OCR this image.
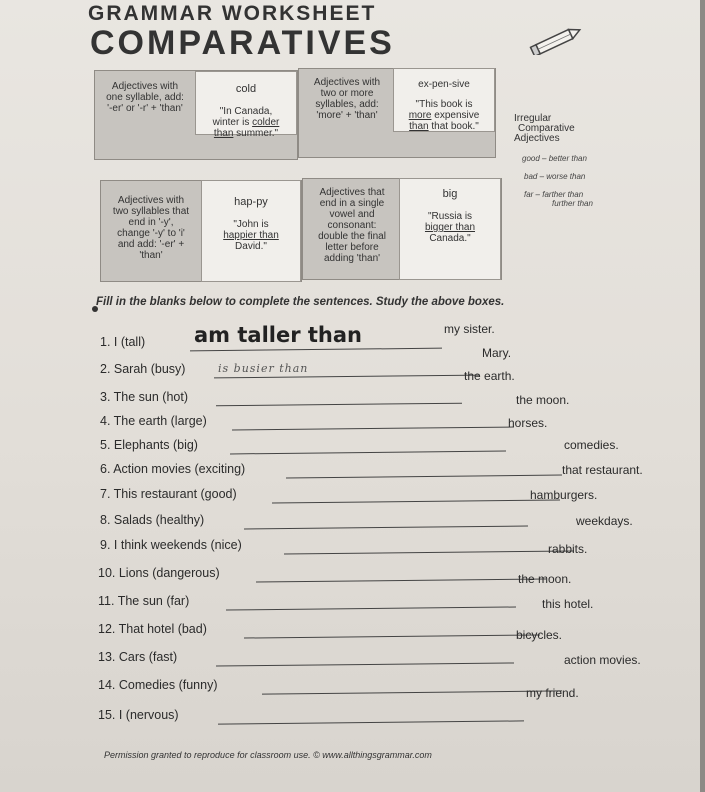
GRAMMAR WORKSHEET
COMPARATIVES
Adjectives with
one syllable, add:
'-er' or '-r' + 'than'
cold
"In Canada,
winter is colder
than summer."
Adjectives with
two or more
syllables, add:
'more' + 'than'
ex-pen-sive
"This book is
more expensive
than that book."
Adjectives with
two syllables that
end in '-y',
change '-y' to 'i'
and add: '-er' +
'than'
hap-py
"John is
happier than
David."
Adjectives that
end in a single
vowel and
consonant:
double the final
letter before
adding 'than'
big
"Russia is
bigger than
Canada."
Irregular
Comparative
Adjectives
good – better than
bad – worse than
far – farther than
further than
Fill in the blanks below to complete the sentences. Study the above boxes.
1. I (tall)
my sister.
am taller than
2. Sarah (busy)
Mary.
is busier than
3. The sun (hot)
the earth.
4. The earth (large)
the moon.
5. Elephants (big)
horses.
6. Action movies (exciting)
comedies.
7. This restaurant (good)
that restaurant.
8. Salads (healthy)
hamburgers.
9. I think weekends (nice)
weekdays.
10. Lions (dangerous)
rabbits.
11. The sun (far)
the moon.
12. That hotel (bad)
this hotel.
13. Cars (fast)
bicycles.
14. Comedies (funny)
action movies.
15. I (nervous)
my friend.
Permission granted to reproduce for classroom use. © www.allthingsgrammar.com
